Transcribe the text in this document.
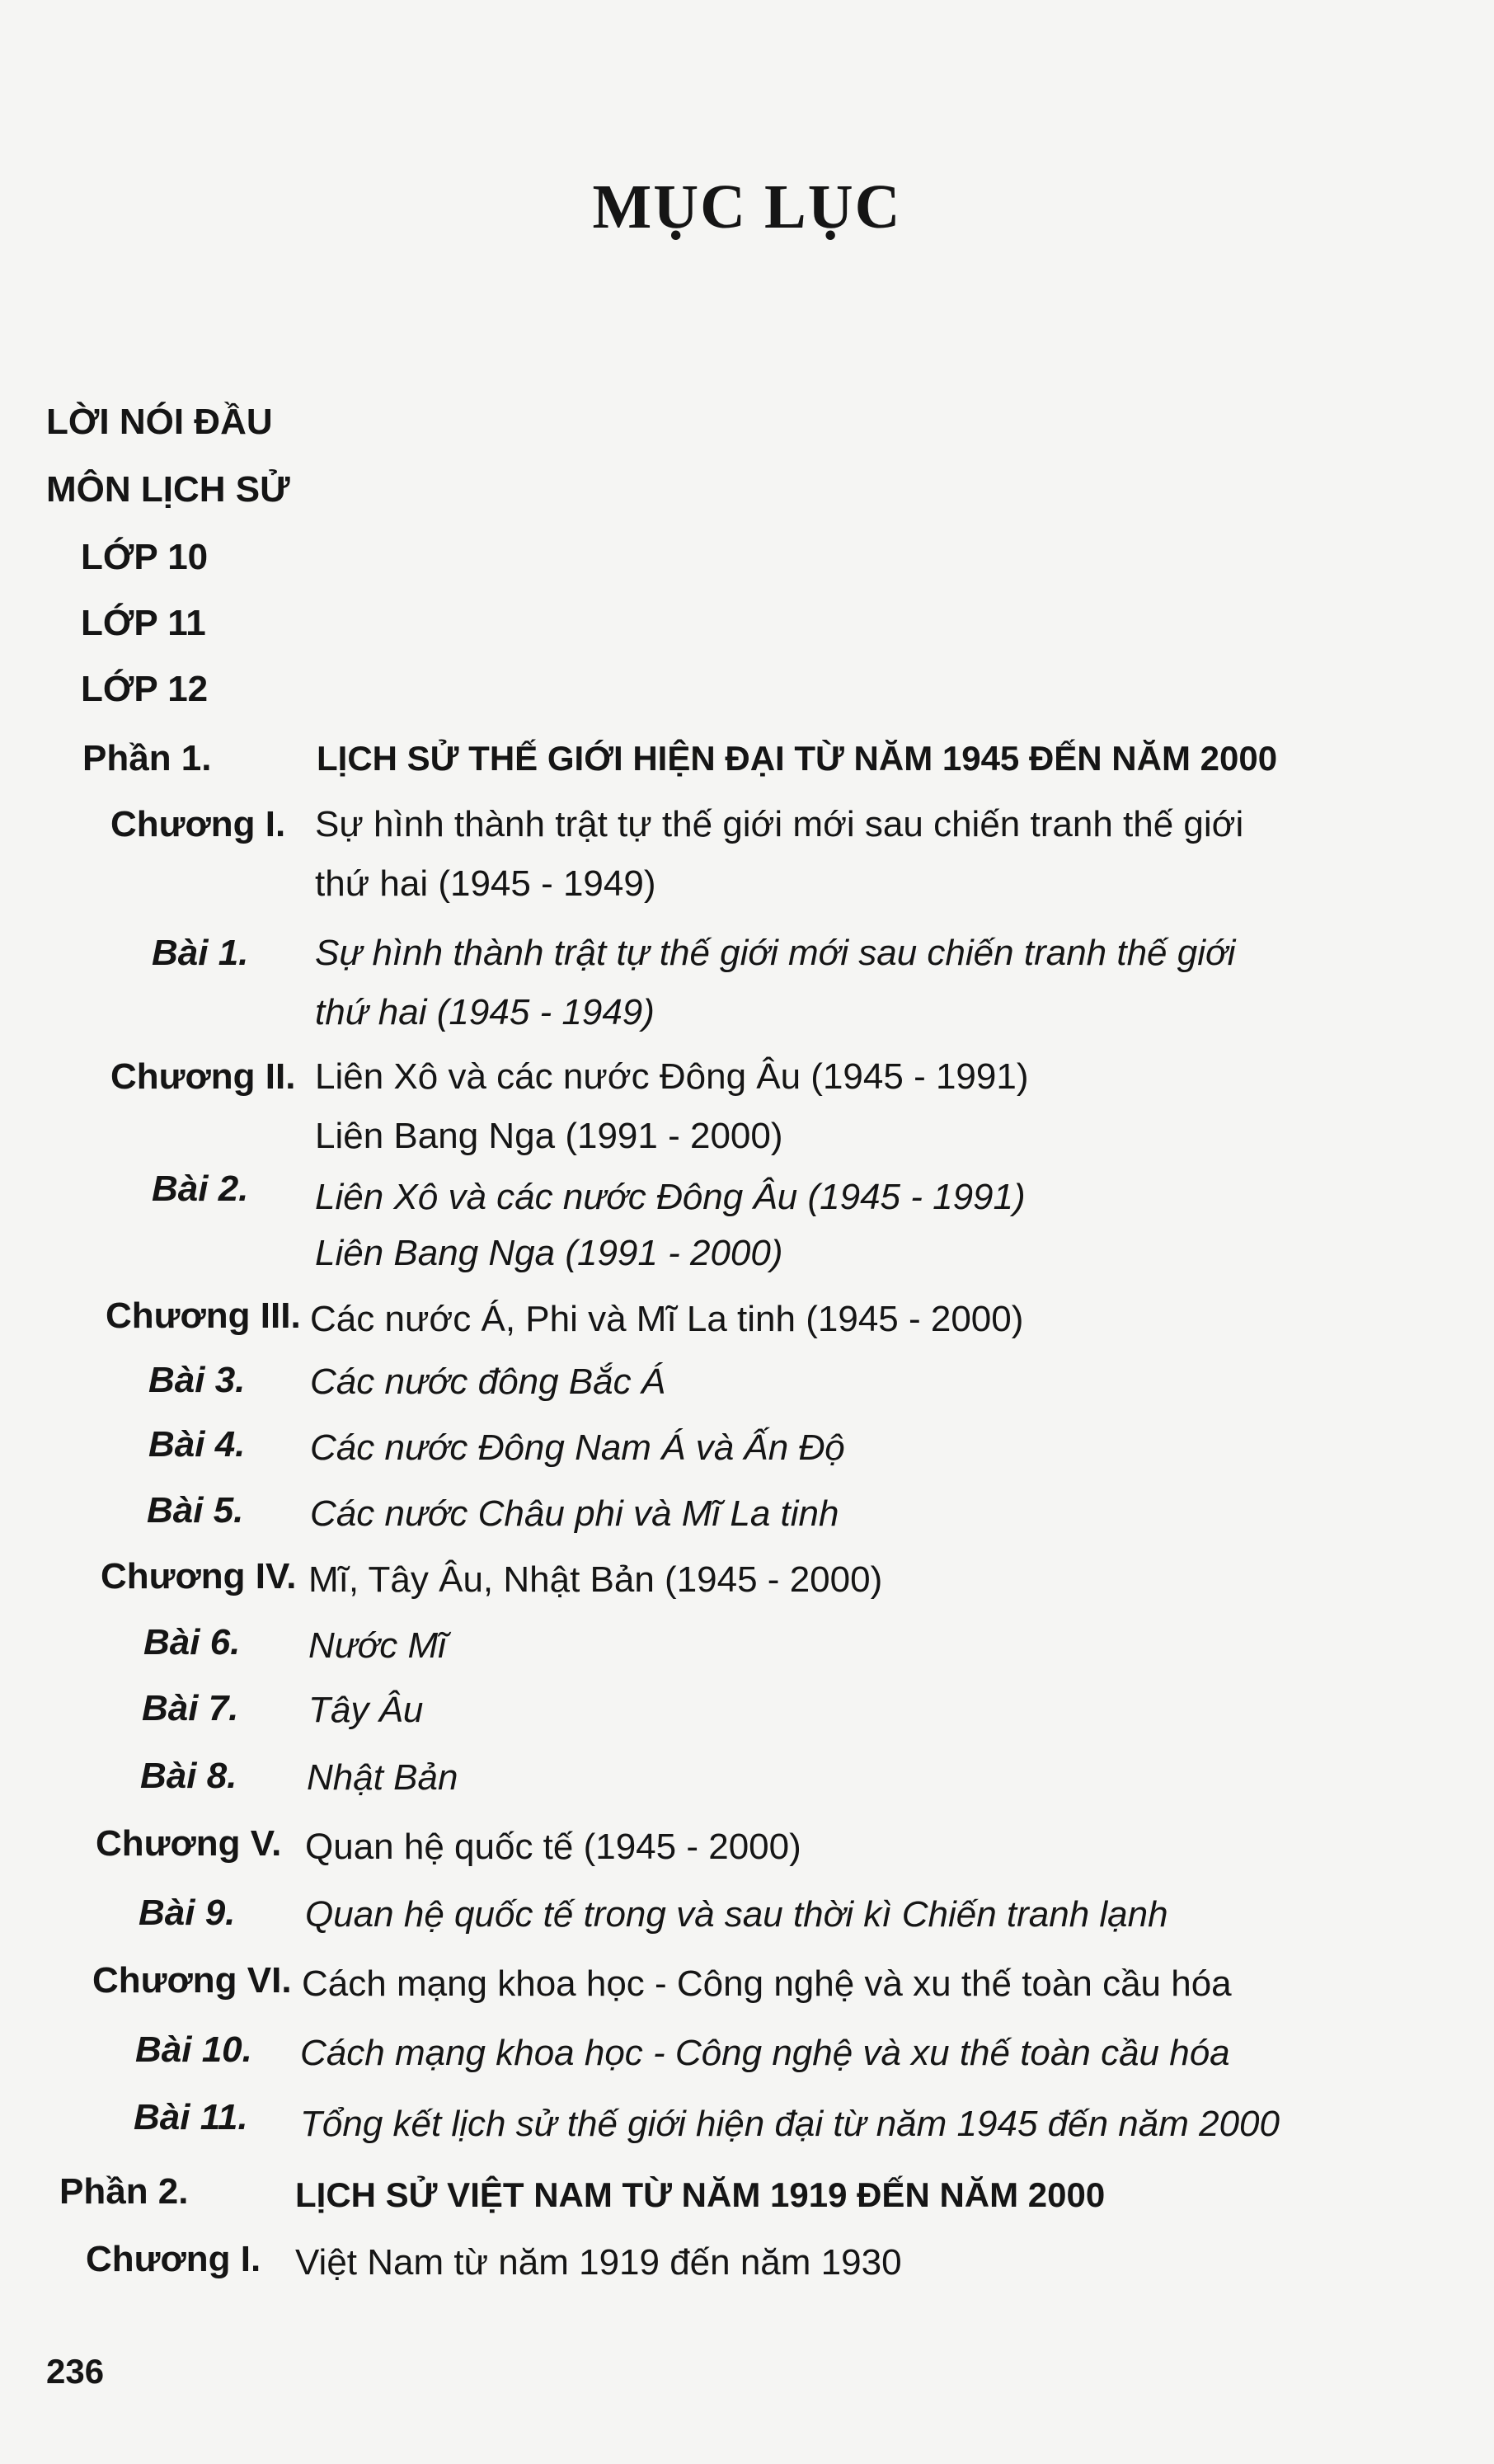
MỤC LỤC
LỜI NÓI ĐẦU
MÔN LỊCH SỬ
LỚP 10
LỚP 11
LỚP 12
Phần 1.	LỊCH SỬ THẾ GIỚI HIỆN ĐẠI TỪ NĂM 1945 ĐẾN NĂM 2000
Chương I. Sự hình thành trật tự thế giới mới sau chiến tranh thế giới
thứ hai (1945 - 1949)
Bài 1. Sự hình thành trật tự thế giới mới sau chiến tranh thế giới
thứ hai (1945 - 1949)
Chương II. Liên Xô và các nước Đông Âu (1945 - 1991)
Liên Bang Nga (1991 - 2000)
Bài 2. Liên Xô và các nước Đông Âu (1945 - 1991)
Liên Bang Nga (1991 - 2000)
Chương III. Các nước Á, Phi và Mĩ La tinh (1945 - 2000)
Bài 3. Các nước đông Bắc Á
Bài 4. Các nước Đông Nam Á và Ấn Độ
Bài 5. Các nước Châu phi và Mĩ La tinh
Chương IV. Mĩ, Tây Âu, Nhật Bản (1945 - 2000)
Bài 6. Nước Mĩ
Bài 7. Tây Âu
Bài 8. Nhật Bản
Chương V. Quan hệ quốc tế (1945 - 2000)
Bài 9. Quan hệ quốc tế trong và sau thời kì Chiến tranh lạnh
Chương VI. Cách mạng khoa học - Công nghệ và xu thế toàn cầu hóa
Bài 10. Cách mạng khoa học - Công nghệ và xu thế toàn cầu hóa
Bài 11. Tổng kết lịch sử thế giới hiện đại từ năm 1945 đến năm 2000
Phần 2.	LỊCH SỬ VIỆT NAM TỪ NĂM 1919 ĐẾN NĂM 2000
Chương I. Việt Nam từ năm 1919 đến năm 1930
236
